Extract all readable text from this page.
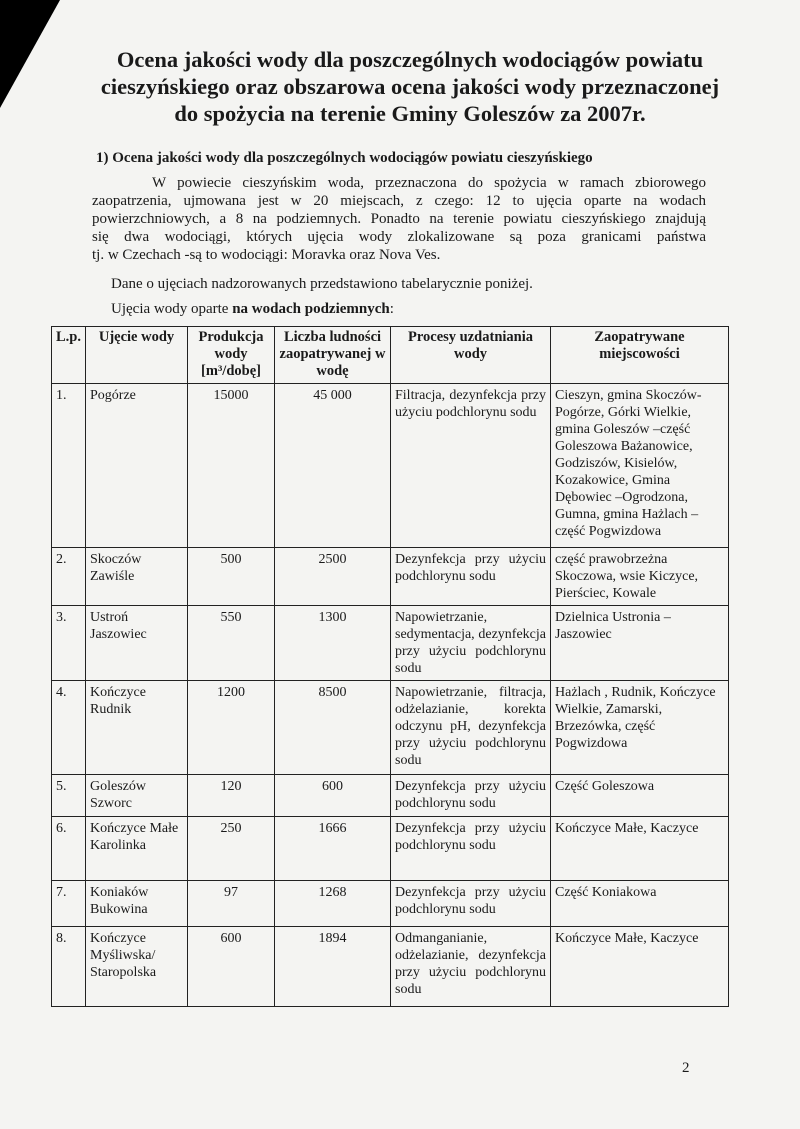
Ocena jakości wody dla poszczególnych wodociągów powiatu
cieszyńskiego oraz obszarowa ocena jakości wody przeznaczonej
do spożycia na terenie Gminy Goleszów za 2007r.
1) Ocena jakości wody dla poszczególnych wodociągów powiatu cieszyńskiego
W powiecie cieszyńskim woda, przeznaczona do spożycia w ramach zbiorowego
zaopatrzenia, ujmowana jest w 20 miejscach, z czego: 12 to ujęcia oparte na wodach
powierzchniowych, a 8 na podziemnych. Ponadto na terenie powiatu cieszyńskiego znajdują
się dwa wodociągi, których ujęcia wody zlokalizowane są poza granicami państwa
tj. w Czechach -są to wodociągi: Moravka oraz Nova Ves.
Dane o ujęciach nadzorowanych przedstawiono tabelarycznie poniżej.
Ujęcia wody oparte na wodach podziemnych:
L.p.	Ujęcie wody	Produkcja wody [m³/dobę]	Liczba ludności zaopatrywanej w wodę	Procesy uzdatniania wody	Zaopatrywane miejscowości
1.	Pogórze	15000	45 000	Filtracja, dezynfekcja przy użyciu podchlorynu sodu	Cieszyn, gmina Skoczów-Pogórze, Górki Wielkie, gmina Goleszów –część Goleszowa Bażanowice, Godziszów, Kisielów, Kozakowice, Gmina Dębowiec –Ogrodzona, Gumna, gmina Hażlach – część Pogwizdowa
2.	Skoczów Zawiśle	500	2500	Dezynfekcja przy użyciu podchlorynu sodu	część prawobrzeżna Skoczowa, wsie Kiczyce, Pierściec, Kowale
3.	Ustroń Jaszowiec	550	1300	Napowietrzanie, sedymentacja, dezynfekcja przy użyciu podchlorynu sodu	Dzielnica Ustronia – Jaszowiec
4.	Kończyce Rudnik	1200	8500	Napowietrzanie, filtracja, odżelazianie, korekta odczynu pH, dezynfekcja przy użyciu podchlorynu sodu	Hażlach , Rudnik, Kończyce Wielkie, Zamarski, Brzezówka, część Pogwizdowa
5.	Goleszów Szworc	120	600	Dezynfekcja przy użyciu podchlorynu sodu	Część Goleszowa
6.	Kończyce Małe Karolinka	250	1666	Dezynfekcja przy użyciu podchlorynu sodu	Kończyce Małe, Kaczyce
7.	Koniaków Bukowina	97	1268	Dezynfekcja przy użyciu podchlorynu sodu	Część Koniakowa
8.	Kończyce Myśliwska/ Staropolska	600	1894	Odmanganianie, odżelazianie, dezynfekcja przy użyciu podchlorynu sodu	Kończyce Małe, Kaczyce
2
